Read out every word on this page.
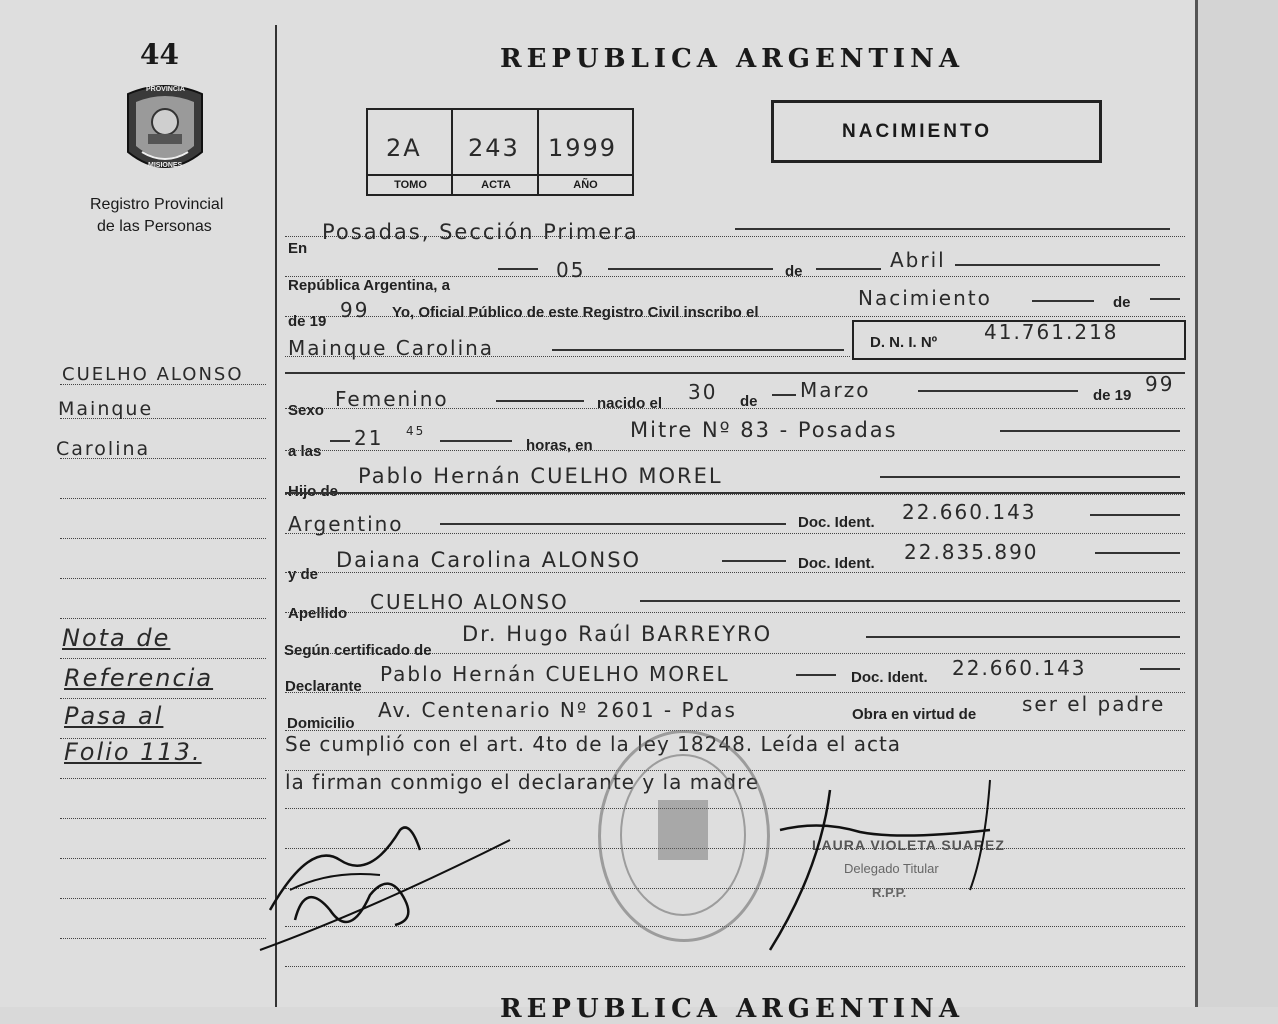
44
PROVINCIA
MISIONES
Registro Provincial
de las Personas
REPUBLICA ARGENTINA
2A 243 1999
TOMO	ACTA	AÑO
NACIMIENTO
CUELHO ALONSO
Mainque
Carolina
Nota de
Referencia
Pasa al
Folio 113.
En
Posadas, Sección Primera
República Argentina, a
05	de	Abril
de 19 99 Yo, Oficial Público de este Registro Civil inscribo el
Nacimiento	de
Mainque Carolina	D. N. I. Nº 41.761.218
Sexo Femenino	nacido el 30 de Marzo	de 19 99
a las
21 45
horas, en
Mitre Nº 83 - Posadas
Hijo de
Pablo Hernán CUELHO MOREL
Argentino	Doc. Ident. 22.660.143
y de
Daiana Carolina ALONSO	Doc. Ident. 22.835.890
Apellido CUELHO ALONSO
Según certificado de
Dr. Hugo Raúl BARREYRO
Declarante
Pablo Hernán CUELHO MOREL	Doc. Ident. 22.660.143
Domicilio
Av. Centenario Nº 2601 - Pdas	Obra en virtud de ser el padre
Se cumplió con el art. 4to de la ley 18248. Leída el acta
la firman conmigo el declarante y la madre
LAURA VIOLETA SUAREZ
Delegado Titular
R.P.P.
REPUBLICA ARGENTINA
